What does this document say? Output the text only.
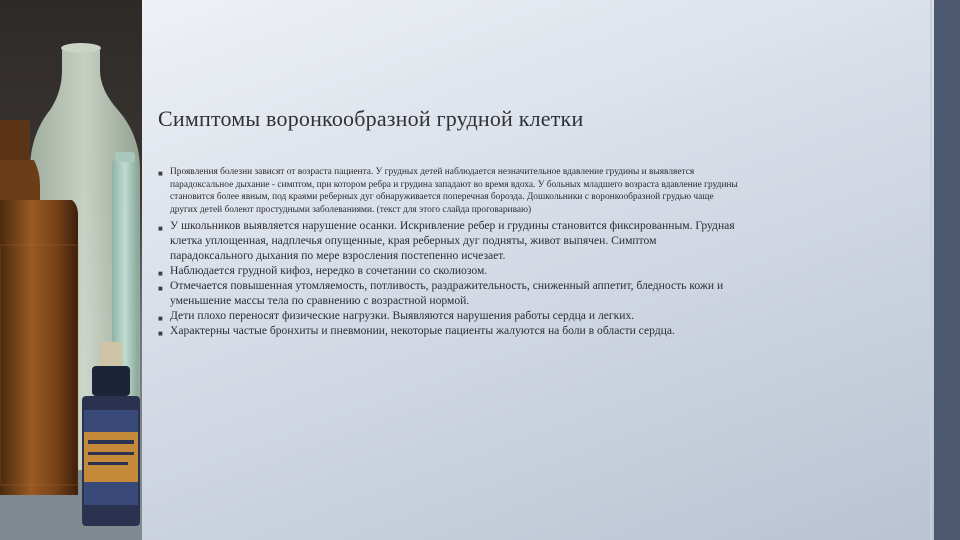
Симптомы воронкообразной грудной клетки
■ Проявления болезни зависят от возраста пациента. У грудных детей наблюдается незначительное вдавление грудины и выявляется парадоксальное дыхание - симптом, при котором ребра и грудина западают во время вдоха. У больных младшего возраста вдавление грудины становится более явным, под краями реберных дуг обнаруживается поперечная борозда. Дошкольники с воронкообразной грудью чаще других детей болеют простудными заболеваниями. (текст для этого слайда проговариваю)
■ У школьников выявляется нарушение осанки. Искривление ребер и грудины становится фиксированным. Грудная клетка уплощенная, надплечья опущенные, края реберных дуг подняты, живот выпячен. Симптом парадоксального дыхания по мере взросления постепенно исчезает.
■ Наблюдается грудной кифоз, нередко в сочетании со сколиозом.
■ Отмечается повышенная утомляемость, потливость, раздражительность, сниженный аппетит, бледность кожи и уменьшение массы тела по сравнению с возрастной нормой.
■ Дети плохо переносят физические нагрузки. Выявляются нарушения работы сердца и легких.
■ Характерны частые бронхиты и пневмонии, некоторые пациенты жалуются на боли в области сердца.
